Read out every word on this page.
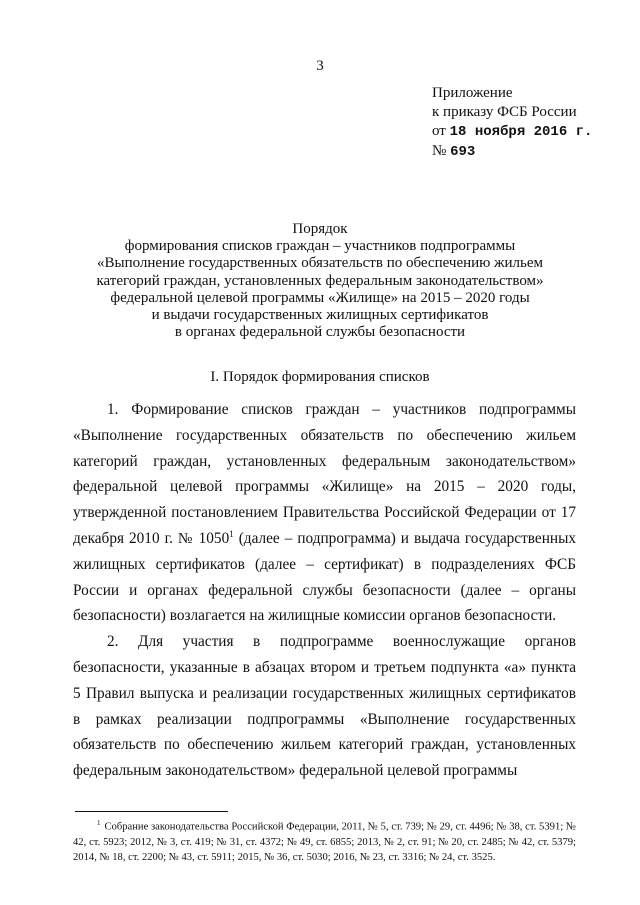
3
Приложение
к приказу ФСБ России
от 18 ноября 2016 г.
№ 693
Порядок
формирования списков граждан – участников подпрограммы
«Выполнение государственных обязательств по обеспечению жильем
категорий граждан, установленных федеральным законодательством»
федеральной целевой программы «Жилище» на 2015 – 2020 годы
и выдачи государственных жилищных сертификатов
в органах федеральной службы безопасности
I. Порядок формирования списков

1. Формирование списков граждан – участников подпрограммы «Выполнение государственных обязательств по обеспечению жильем категорий граждан, установленных федеральным законодательством» федеральной целевой программы «Жилище» на 2015 – 2020 годы, утвержденной постановлением Правительства Российской Федерации от 17 декабря 2010 г. № 1050$^1$ (далее – подпрограмма) и выдача государственных жилищных сертификатов (далее – сертификат) в подразделениях ФСБ России и органах федеральной службы безопасности (далее – органы безопасности) возлагается на жилищные комиссии органов безопасности.

2. Для участия в подпрограмме военнослужащие органов безопасности, указанные в абзацах втором и третьем подпункта «а» пункта 5 Правил выпуска и реализации государственных жилищных сертификатов в рамках реализации подпрограммы «Выполнение государственных обязательств по обеспечению жильем категорий граждан, установленных федеральным законодательством» федеральной целевой программы

$^1$ Собрание законодательства Российской Федерации, 2011, № 5, ст. 739; № 29, ст. 4496; № 38, ст. 5391; № 42, ст. 5923; 2012, № 3, ст. 419; № 31, ст. 4372; № 49, ст. 6855; 2013, № 2, ст. 91; № 20, ст. 2485; № 42, ст. 5379; 2014, № 18, ст. 2200; № 43, ст. 5911; 2015, № 36, ст. 5030; 2016, № 23, ст. 3316; № 24, ст. 3525.
